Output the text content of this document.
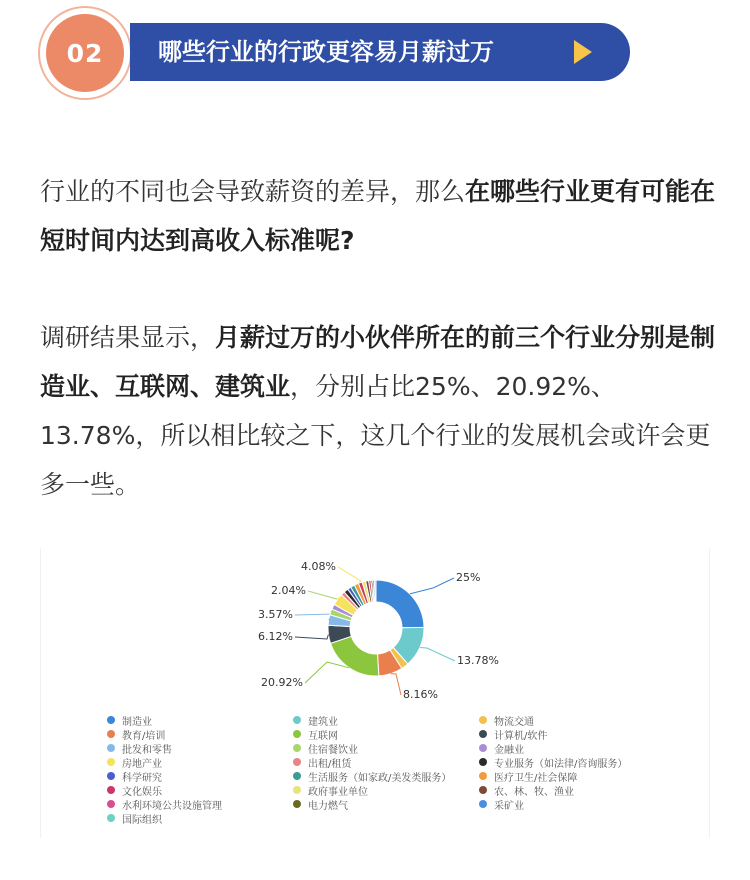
02	哪些行业的行政更容易月薪过万
行业的不同也会导致薪资的差异，那么在哪些行业更有可能在短时间内达到高收入标准呢?
调研结果显示，月薪过万的小伙伴所在的前三个行业分别是制造业、互联网、建筑业，分别占比25%、20.92%、13.78%，所以相比较之下，这几个行业的发展机会或许会更多一些。
25%
13.78%
8.16%
20.92%
6.12%
3.57%
2.04%
4.08%
制造业	建筑业	物流交通
教育/培训	互联网	计算机/软件
批发和零售	住宿餐饮业	金融业
房地产业	出租/租赁	专业服务（如法律/咨询服务）
科学研究	生活服务（如家政/美发类服务）	医疗卫生/社会保障
文化娱乐	政府事业单位	农、林、牧、渔业
水利环境公共设施管理	电力燃气	采矿业
国际组织
